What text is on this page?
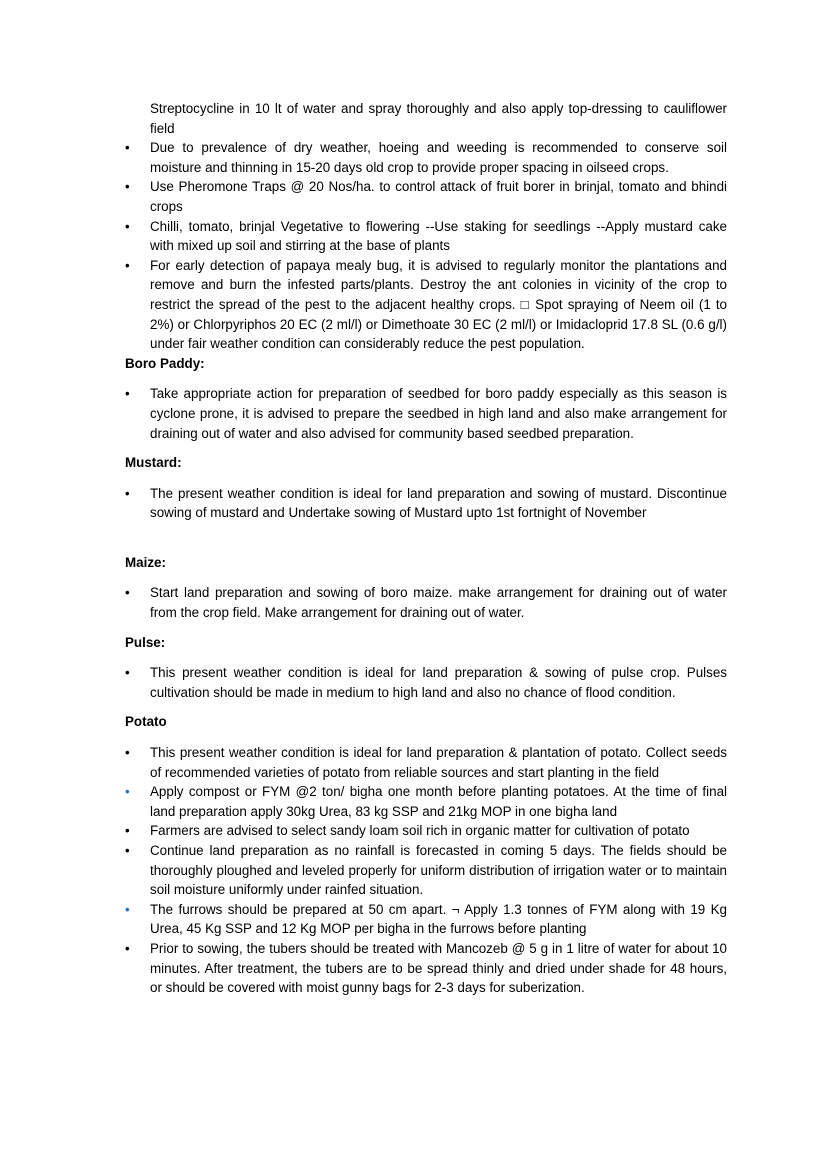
Streptocycline in 10 lt of water and spray thoroughly and also apply top-dressing to cauliflower field

•	Due to prevalence of dry weather, hoeing and weeding is recommended to conserve soil moisture and thinning in 15-20 days old crop to provide proper spacing in oilseed crops.
•	Use Pheromone Traps @ 20 Nos/ha. to control attack of fruit borer in brinjal, tomato and bhindi crops
•	Chilli, tomato, brinjal Vegetative to flowering --Use staking for seedlings --Apply mustard cake with mixed up soil and stirring at the base of plants
•	For early detection of papaya mealy bug, it is advised to regularly monitor the plantations and remove and burn the infested parts/plants. Destroy the ant colonies in vicinity of the crop to restrict the spread of the pest to the adjacent healthy crops. □ Spot spraying of Neem oil (1 to 2%) or Chlorpyriphos 20 EC (2 ml/l) or Dimethoate 30 EC (2 ml/l) or Imidacloprid 17.8 SL (0.6 g/l) under fair weather condition can considerably reduce the pest population.

Boro Paddy:

•	Take appropriate action for preparation of seedbed for boro paddy especially as this season is cyclone prone, it is advised to prepare the seedbed in high land and also make arrangement for draining out of water and also advised for community based seedbed preparation.

Mustard:

•	The present weather condition is ideal for land preparation and sowing of mustard. Discontinue sowing of mustard and Undertake sowing of Mustard upto 1st fortnight of November

Maize:

•	Start land preparation and sowing of boro maize. make arrangement for draining out of water from the crop field. Make arrangement for draining out of water.

Pulse:

•	This present weather condition is ideal for land preparation & sowing of pulse crop. Pulses cultivation should be made in medium to high land and also no chance of flood condition.

Potato

•	This present weather condition is ideal for land preparation & plantation of potato. Collect seeds of recommended varieties of potato from reliable sources and start planting in the field
•	Apply compost or FYM @2 ton/ bigha one month before planting potatoes. At the time of final land preparation apply 30kg Urea, 83 kg SSP and 21kg MOP in one bigha land
•	Farmers are advised to select sandy loam soil rich in organic matter for cultivation of potato
•	Continue land preparation as no rainfall is forecasted in coming 5 days. The fields should be thoroughly ploughed and leveled properly for uniform distribution of irrigation water or to maintain soil moisture uniformly under rainfed situation.
•	The furrows should be prepared at 50 cm apart. ¬ Apply 1.3 tonnes of FYM along with 19 Kg Urea, 45 Kg SSP and 12 Kg MOP per bigha in the furrows before planting
•	Prior to sowing, the tubers should be treated with Mancozeb @ 5 g in 1 litre of water for about 10 minutes. After treatment, the tubers are to be spread thinly and dried under shade for 48 hours, or should be covered with moist gunny bags for 2-3 days for suberization.
